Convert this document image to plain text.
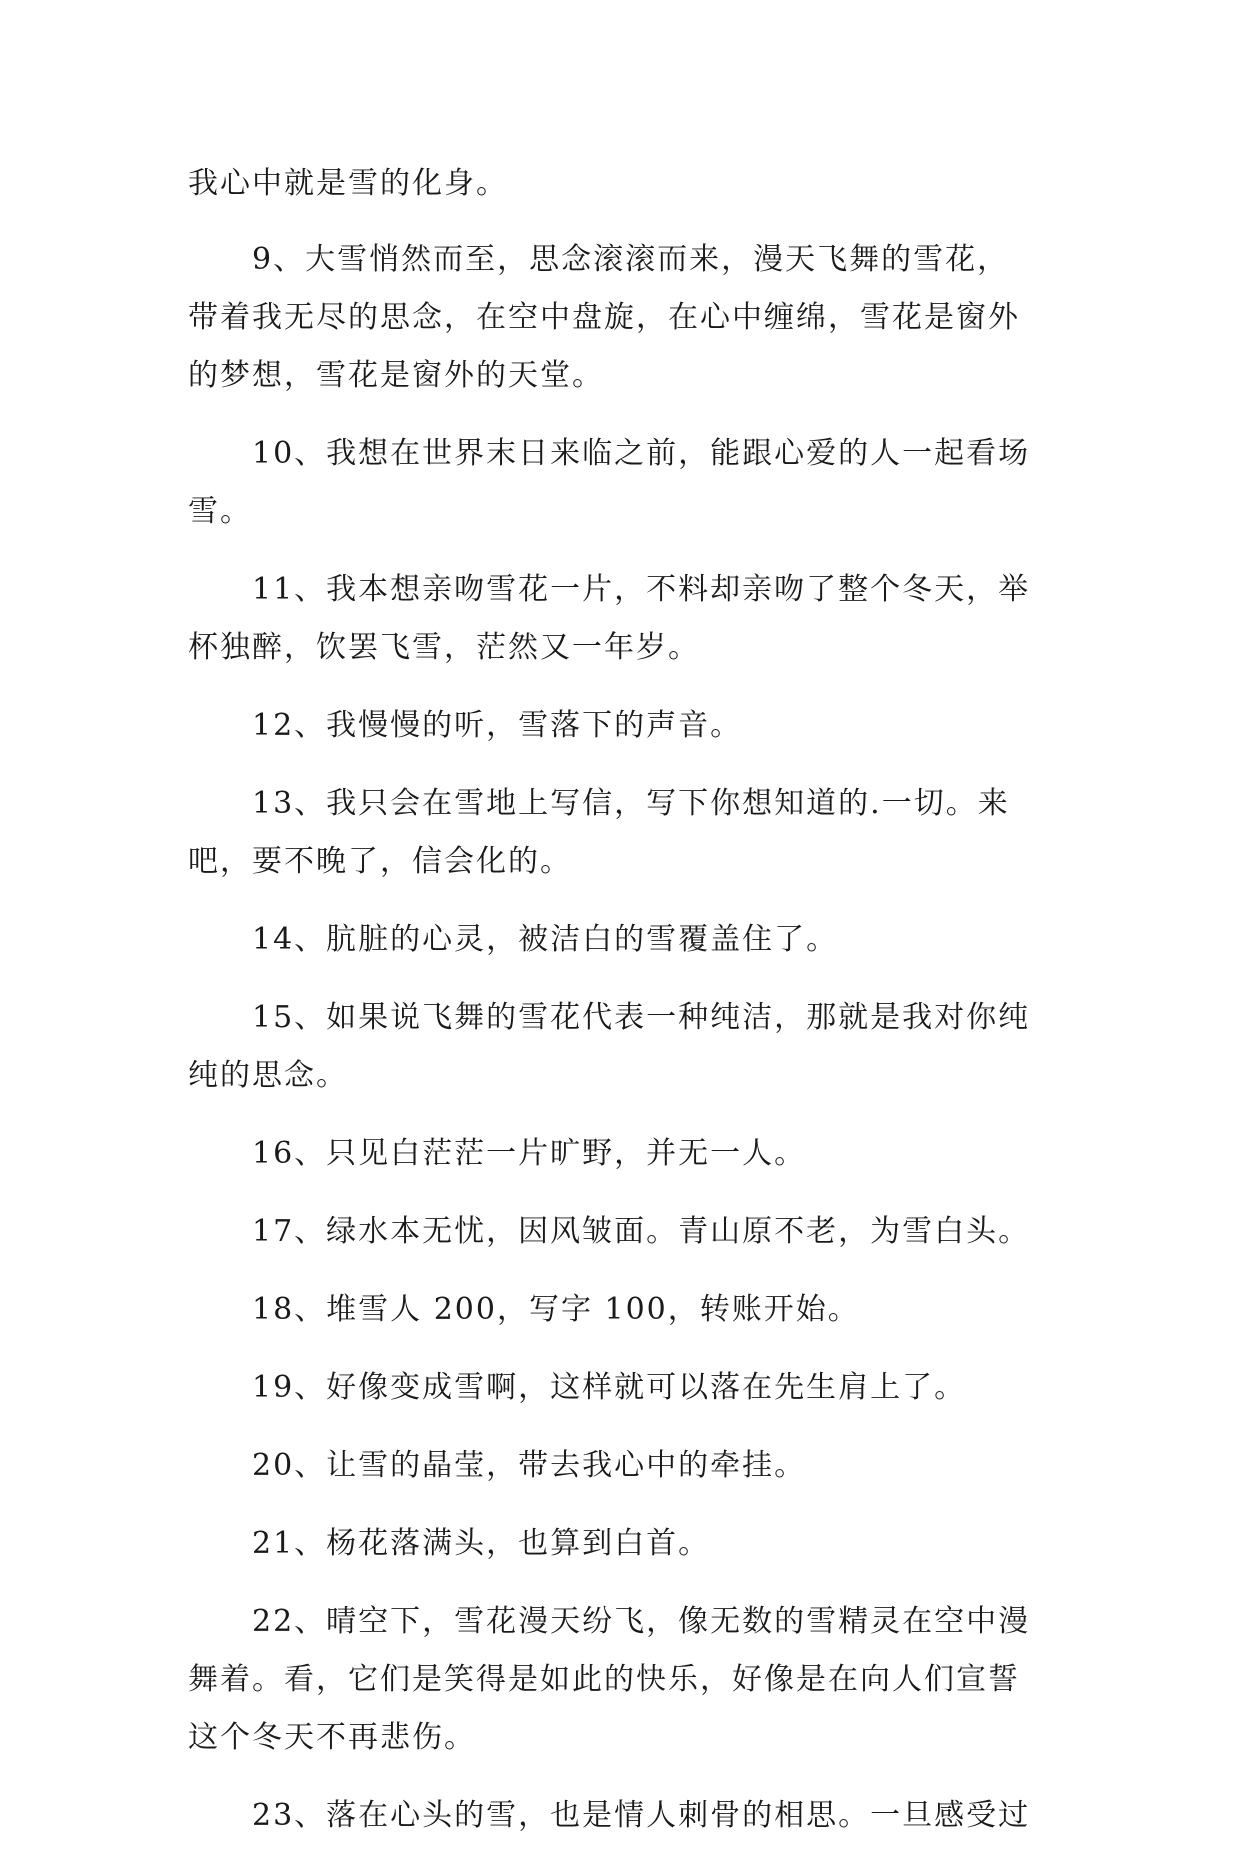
我心中就是雪的化身。

9、大雪悄然而至，思念滚滚而来，漫天飞舞的雪花，
带着我无尽的思念，在空中盘旋，在心中缠绵，雪花是窗外
的梦想，雪花是窗外的天堂。

10、我想在世界末日来临之前，能跟心爱的人一起看场
雪。

11、我本想亲吻雪花一片，不料却亲吻了整个冬天，举
杯独醉，饮罢飞雪，茫然又一年岁。

12、我慢慢的听，雪落下的声音。

13、我只会在雪地上写信，写下你想知道的.一切。来
吧，要不晚了，信会化的。

14、肮脏的心灵，被洁白的雪覆盖住了。

15、如果说飞舞的雪花代表一种纯洁，那就是我对你纯
纯的思念。

16、只见白茫茫一片旷野，并无一人。

17、绿水本无忧，因风皱面。青山原不老，为雪白头。

18、堆雪人 200，写字 100，转账开始。

19、好像变成雪啊，这样就可以落在先生肩上了。

20、让雪的晶莹，带去我心中的牵挂。

21、杨花落满头，也算到白首。

22、晴空下，雪花漫天纷飞，像无数的雪精灵在空中漫
舞着。看，它们是笑得是如此的快乐，好像是在向人们宣誓
这个冬天不再悲伤。

23、落在心头的雪，也是情人刺骨的相思。一旦感受过
